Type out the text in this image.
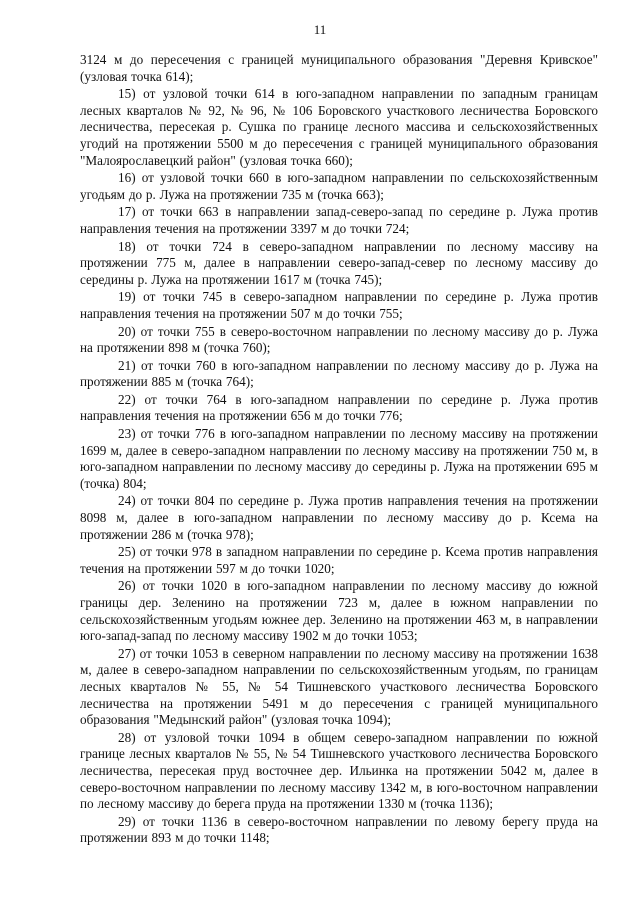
11

3124 м до пересечения с границей муниципального образования "Деревня Кривское" (узловая точка 614);

15) от узловой точки 614 в юго-западном направлении по западным границам лесных кварталов № 92, № 96, № 106 Боровского участкового лесничества Боровского лесничества, пересекая р. Сушка по границе лесного массива и сельскохозяйственных угодий на протяжении 5500 м до пересечения с границей муниципального образования "Малоярославецкий район" (узловая точка 660);

16) от узловой точки 660 в юго-западном направлении по сельскохозяйственным угодьям до р. Лужа на протяжении 735 м (точка 663);

17) от точки 663 в направлении запад-северо-запад по середине р. Лужа против направления течения на протяжении 3397 м до точки 724;

18) от точки 724 в северо-западном направлении по лесному массиву на протяжении 775 м, далее в направлении северо-запад-север по лесному массиву до середины р. Лужа на протяжении 1617 м (точка 745);

19) от точки 745 в северо-западном направлении по середине р. Лужа против направления течения на протяжении 507 м до точки 755;

20) от точки 755 в северо-восточном направлении по лесному массиву до р. Лужа на протяжении 898 м (точка 760);

21) от точки 760 в юго-западном направлении по лесному массиву до р. Лужа на протяжении 885 м (точка 764);

22) от точки 764 в юго-западном направлении по середине р. Лужа против направления течения на протяжении 656 м до точки 776;

23) от точки 776 в юго-западном направлении по лесному массиву на протяжении 1699 м, далее в северо-западном направлении по лесному массиву на протяжении 750 м, в юго-западном направлении по лесному массиву до середины р. Лужа на протяжении 695 м (точка) 804;

24) от точки 804 по середине р. Лужа против направления течения на протяжении 8098 м, далее в юго-западном направлении по лесному массиву до р. Ксема на протяжении 286 м (точка 978);

25) от точки 978 в западном направлении по середине р. Ксема против направления течения на протяжении 597 м до точки 1020;

26) от точки 1020 в юго-западном направлении по лесному массиву до южной границы дер. Зеленино на протяжении 723 м, далее в южном направлении по сельскохозяйственным угодьям южнее дер. Зеленино на протяжении 463 м, в направлении юго-запад-запад по лесному массиву 1902 м до точки 1053;

27) от точки 1053 в северном направлении по лесному массиву на протяжении 1638 м, далее в северо-западном направлении по сельскохозяйственным угодьям, по границам лесных кварталов № 55, № 54 Тишневского участкового лесничества Боровского лесничества на протяжении 5491 м до пересечения с границей муниципального образования "Медынский район" (узловая точка 1094);

28) от узловой точки 1094 в общем северо-западном направлении по южной границе лесных кварталов № 55, № 54 Тишневского участкового лесничества Боровского лесничества, пересекая пруд восточнее дер. Ильинка на протяжении 5042 м, далее в северо-восточном направлении по лесному массиву 1342 м, в юго-восточном направлении по лесному массиву до берега пруда на протяжении 1330 м (точка 1136);

29) от точки 1136 в северо-восточном направлении по левому берегу пруда на протяжении 893 м до точки 1148;
